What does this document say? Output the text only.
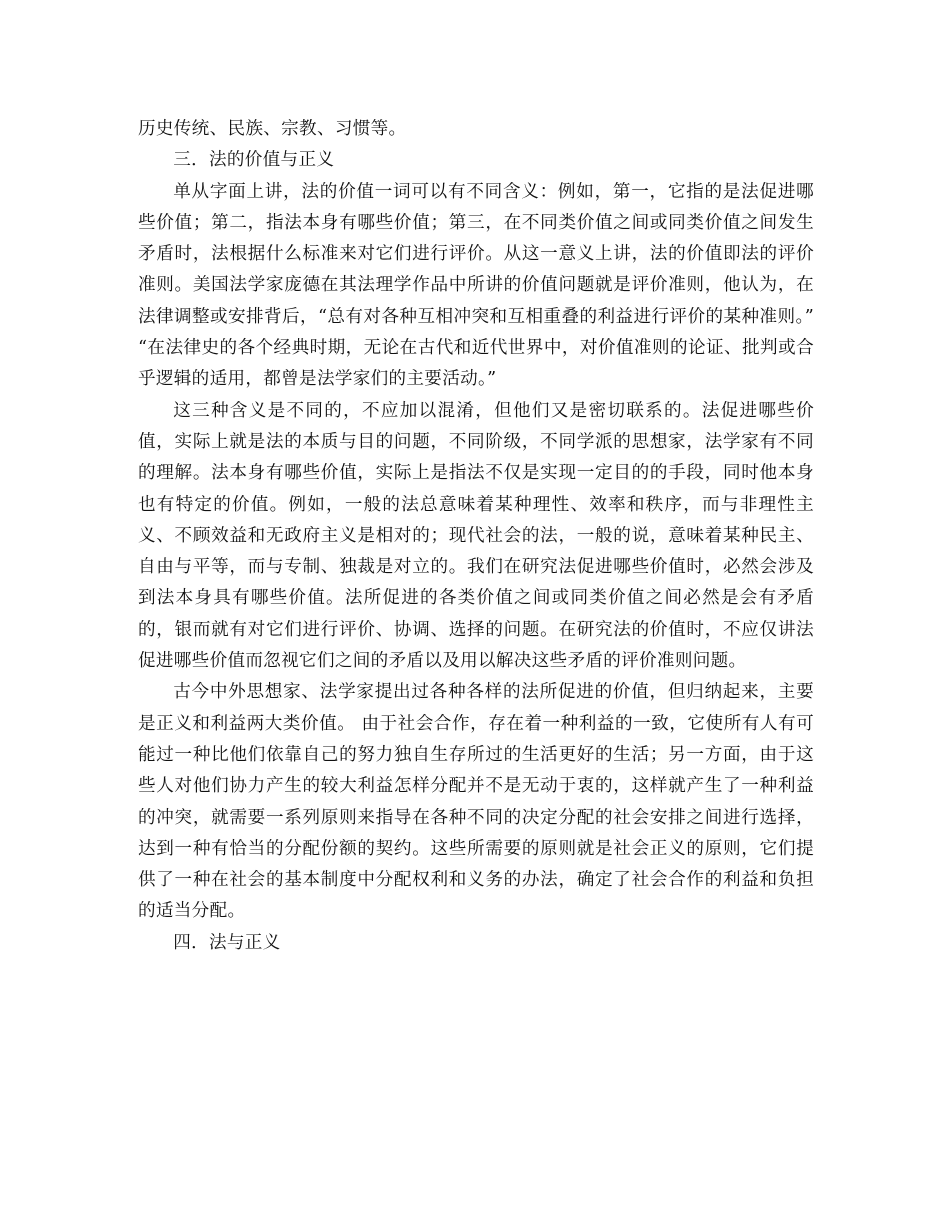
历史传统、民族、宗教、习惯等。

三．法的价值与正义

单从字面上讲，法的价值一词可以有不同含义：例如，第一，它指的是法促进哪些价值；第二，指法本身有哪些价值；第三，在不同类价值之间或同类价值之间发生矛盾时，法根据什么标准来对它们进行评价。从这一意义上讲，法的价值即法的评价准则。美国法学家庞德在其法理学作品中所讲的价值问题就是评价准则，他认为，在法律调整或安排背后，“总有对各种互相冲突和互相重叠的利益进行评价的某种准则。” “在法律史的各个经典时期，无论在古代和近代世界中，对价值准则的论证、批判或合乎逻辑的适用，都曾是法学家们的主要活动。”

这三种含义是不同的，不应加以混淆，但他们又是密切联系的。法促进哪些价值，实际上就是法的本质与目的问题，不同阶级，不同学派的思想家，法学家有不同的理解。法本身有哪些价值，实际上是指法不仅是实现一定目的的手段，同时他本身也有特定的价值。例如，一般的法总意味着某种理性、效率和秩序，而与非理性主义、不顾效益和无政府主义是相对的；现代社会的法，一般的说，意味着某种民主、自由与平等，而与专制、独裁是对立的。我们在研究法促进哪些价值时，必然会涉及到法本身具有哪些价值。法所促进的各类价值之间或同类价值之间必然是会有矛盾的，银而就有对它们进行评价、协调、选择的问题。在研究法的价值时，不应仅讲法促进哪些价值而忽视它们之间的矛盾以及用以解决这些矛盾的评价准则问题。

古今中外思想家、法学家提出过各种各样的法所促进的价值，但归纳起来，主要是正义和利益两大类价值。 由于社会合作，存在着一种利益的一致，它使所有人有可能过一种比他们依靠自己的努力独自生存所过的生活更好的生活；另一方面，由于这些人对他们协力产生的较大利益怎样分配并不是无动于衷的，这样就产生了一种利益的冲突，就需要一系列原则来指导在各种不同的决定分配的社会安排之间进行选择，达到一种有恰当的分配份额的契约。这些所需要的原则就是社会正义的原则，它们提供了一种在社会的基本制度中分配权利和义务的办法，确定了社会合作的利益和负担的适当分配。

四．法与正义
